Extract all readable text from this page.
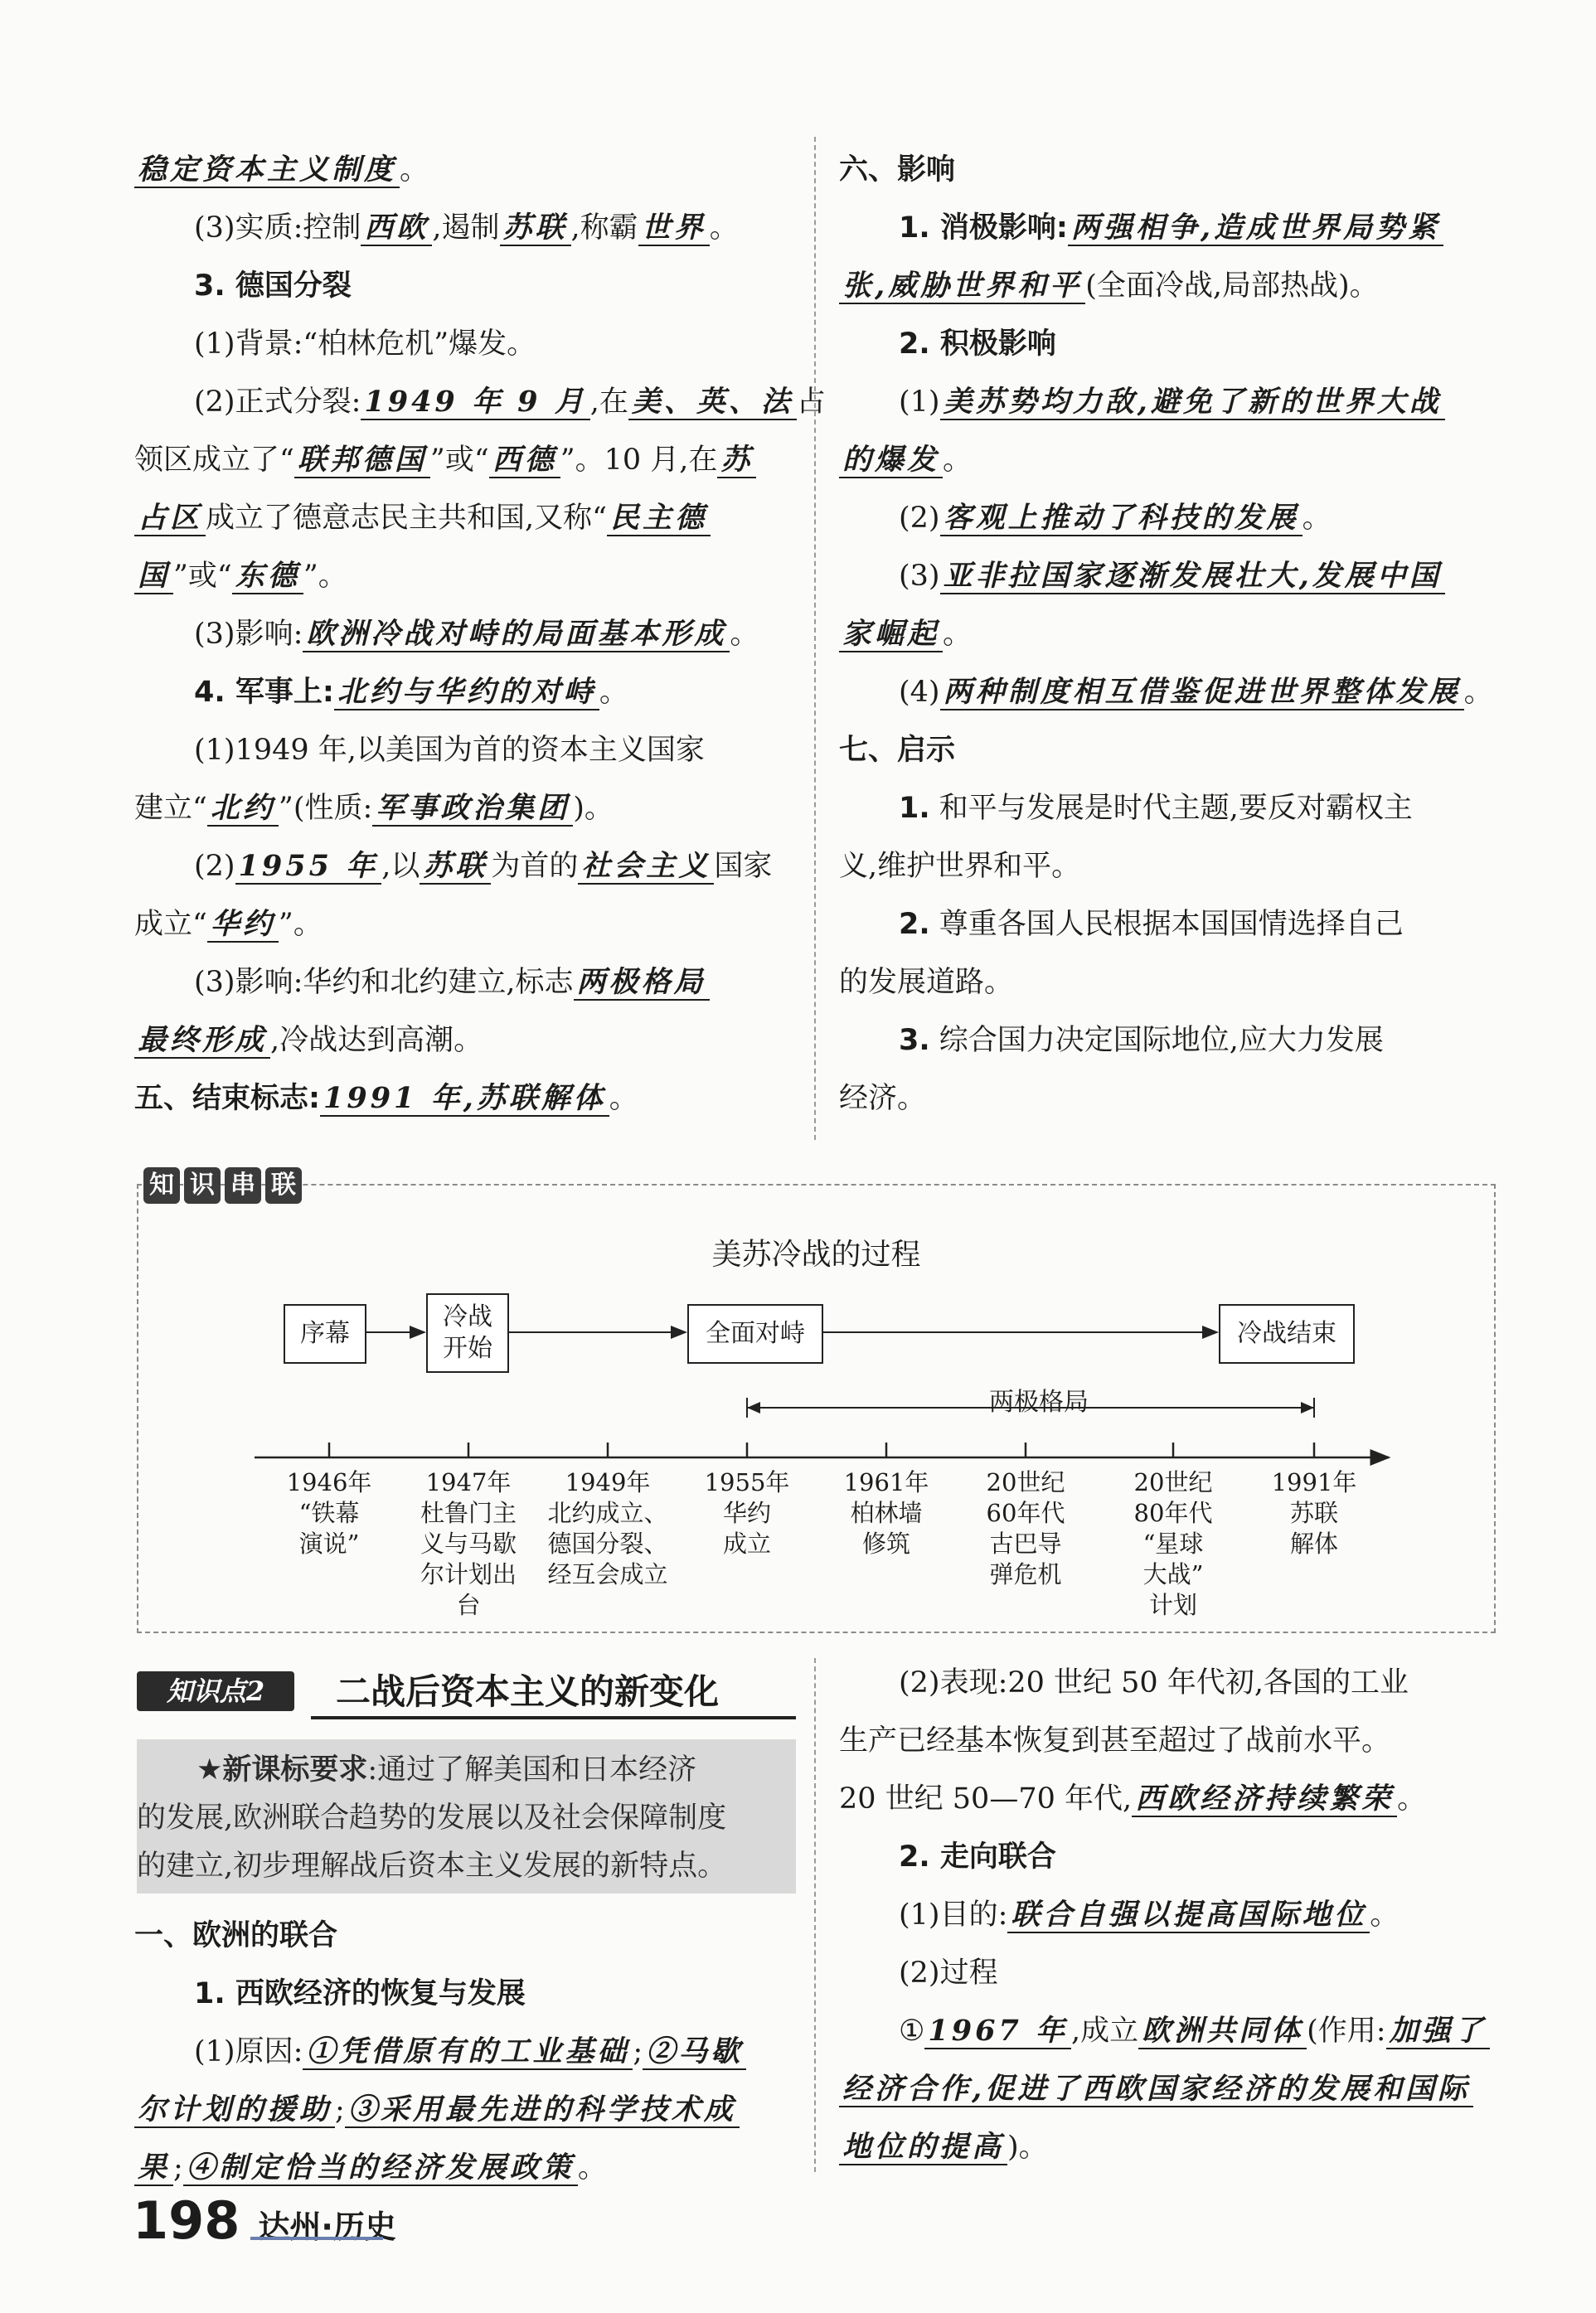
稳定资本主义制度 。
(3)实质:控制 西欧 ,遏制 苏联 ,称霸 世界 。
3. 德国分裂
(1)背景:“柏林危机”爆发。
(2)正式分裂: 1949 年 9 月 ,在 美、英、法 占
领区成立了“ 联邦德国 ”或“ 西德 ”。10 月,在 苏
占区 成立了德意志民主共和国,又称“ 民主德
国 ”或“ 东德 ”。
(3)影响: 欧洲冷战对峙的局面基本形成 。
4. 军事上: 北约与华约的对峙 。
(1)1949 年,以美国为首的资本主义国家
建立“ 北约 ”(性质: 军事政治集团 )。
(2) 1955 年 ,以 苏联 为首的 社会主义 国家
成立“ 华约 ”。
(3)影响:华约和北约建立,标志 两极格局
最终形成 ,冷战达到高潮。
五、结束标志: 1991 年,苏联解体 。
六、影响
1. 消极影响: 两强相争,造成世界局势紧
张,威胁世界和平 (全面冷战,局部热战)。
2. 积极影响
(1) 美苏势均力敌,避免了新的世界大战
的爆发 。
(2) 客观上推动了科技的发展 。
(3) 亚非拉国家逐渐发展壮大,发展中国
家崛起 。
(4) 两种制度相互借鉴促进世界整体发展 。
七、启示
1. 和平与发展是时代主题,要反对霸权主
义,维护世界和平。
2. 尊重各国人民根据本国国情选择自己
的发展道路。
3. 综合国力决定国际地位,应大力发展
经济。
知 识 串 联
美苏冷战的过程
序幕
冷战
开始
全面对峙	冷战结束
两极格局
1946年
“铁幕
演说”
1947年
杜鲁门主
义与马歇
尔计划出
台
1949年
北约成立、
德国分裂、
经互会成立
1955年
华约
成立
1961年
柏林墙
修筑
20世纪
60年代
古巴导
弹危机
20世纪
80年代
“星球
大战”
计划
1991年
苏联
解体
知识点2	二战后资本主义的新变化
★新课标要求:通过了解美国和日本经济
的发展,欧洲联合趋势的发展以及社会保障制度
的建立,初步理解战后资本主义发展的新特点。
一、欧洲的联合
1. 西欧经济的恢复与发展
(1)原因: ①凭借原有的工业基础 ; ②马歇
尔计划的援助 ; ③采用最先进的科学技术成
果 ; ④制定恰当的经济发展政策 。
(2)表现:20 世纪 50 年代初,各国的工业
生产已经基本恢复到甚至超过了战前水平。
20 世纪 50—70 年代, 西欧经济持续繁荣 。
2. 走向联合
(1)目的: 联合自强以提高国际地位 。
(2)过程
① 1967 年 ,成立 欧洲共同体 (作用: 加强了
经济合作,促进了西欧国家经济的发展和国际
地位的提高 )。
198 达州·历史
